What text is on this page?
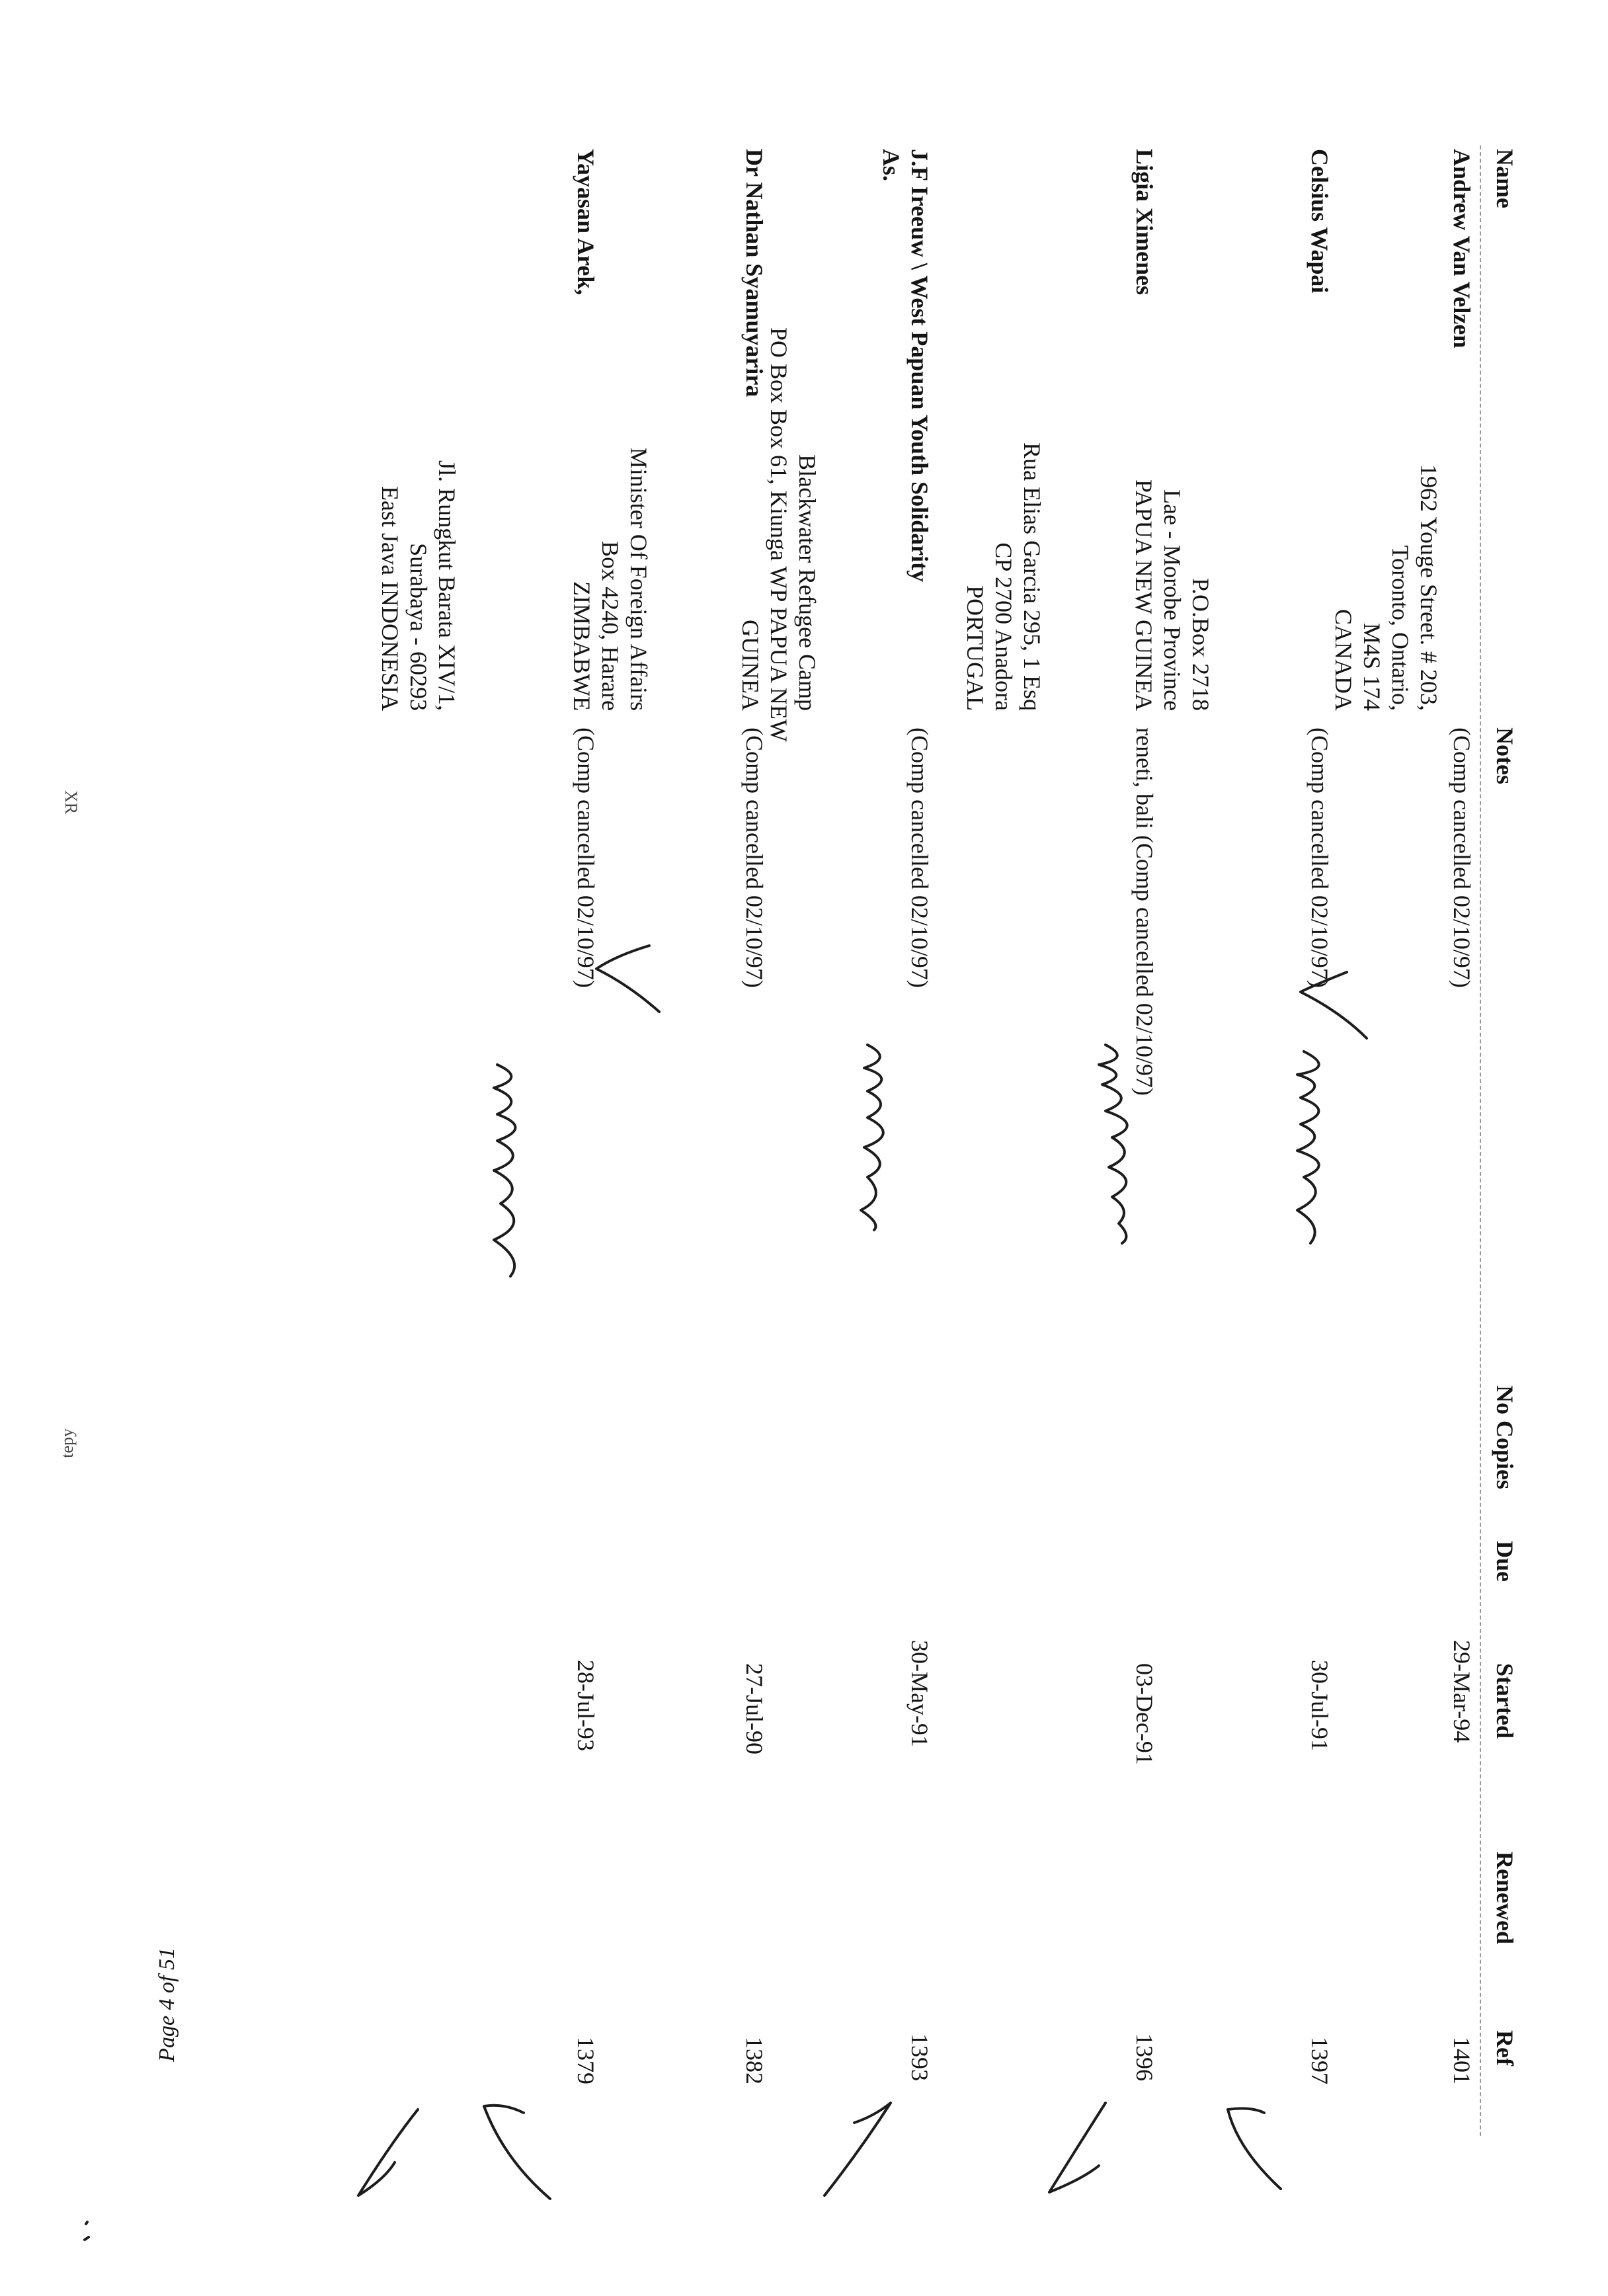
XR
tepy
Name
Notes
No Copies
Due
Started
Renewed
Ref
Andrew Van Velzen
1962 Youge Street. # 203,
Toronto, Ontario,
M4S 174
CANADA
(Comp cancelled 02/10/97)
29-Mar-94
1401
Celsius Wapai
P.O.Box 2718
Lae - Morobe Province
PAPUA NEW GUINEA
(Comp cancelled 02/10/97)
30-Jul-91
1397
Ligia Ximenes
Rua Elias Garcia 295, 1 Esq
CP 2700 Anadora
PORTUGAL
reneti, bali (Comp cancelled 02/10/97)
03-Dec-91
1396
J.F Ireeuw \ West Papuan Youth Solidarity
As.
Blackwater Refugee Camp
PO Box Box 61, Kiunga WP PAPUA NEW
GUINEA
(Comp cancelled 02/10/97)
30-May-91
1393
Dr Nathan Syamuyarira
Minister Of Foreign Affairs
Box 4240, Harare
ZIMBABWE
(Comp cancelled 02/10/97)
27-Jul-90
1382
Yayasan Arek,
Jl. Rungkut Barata XIV/1,
Surabaya - 60293
East Java INDONESIA
(Comp cancelled 02/10/97)
28-Jul-93
1379
Page 4 of 51
